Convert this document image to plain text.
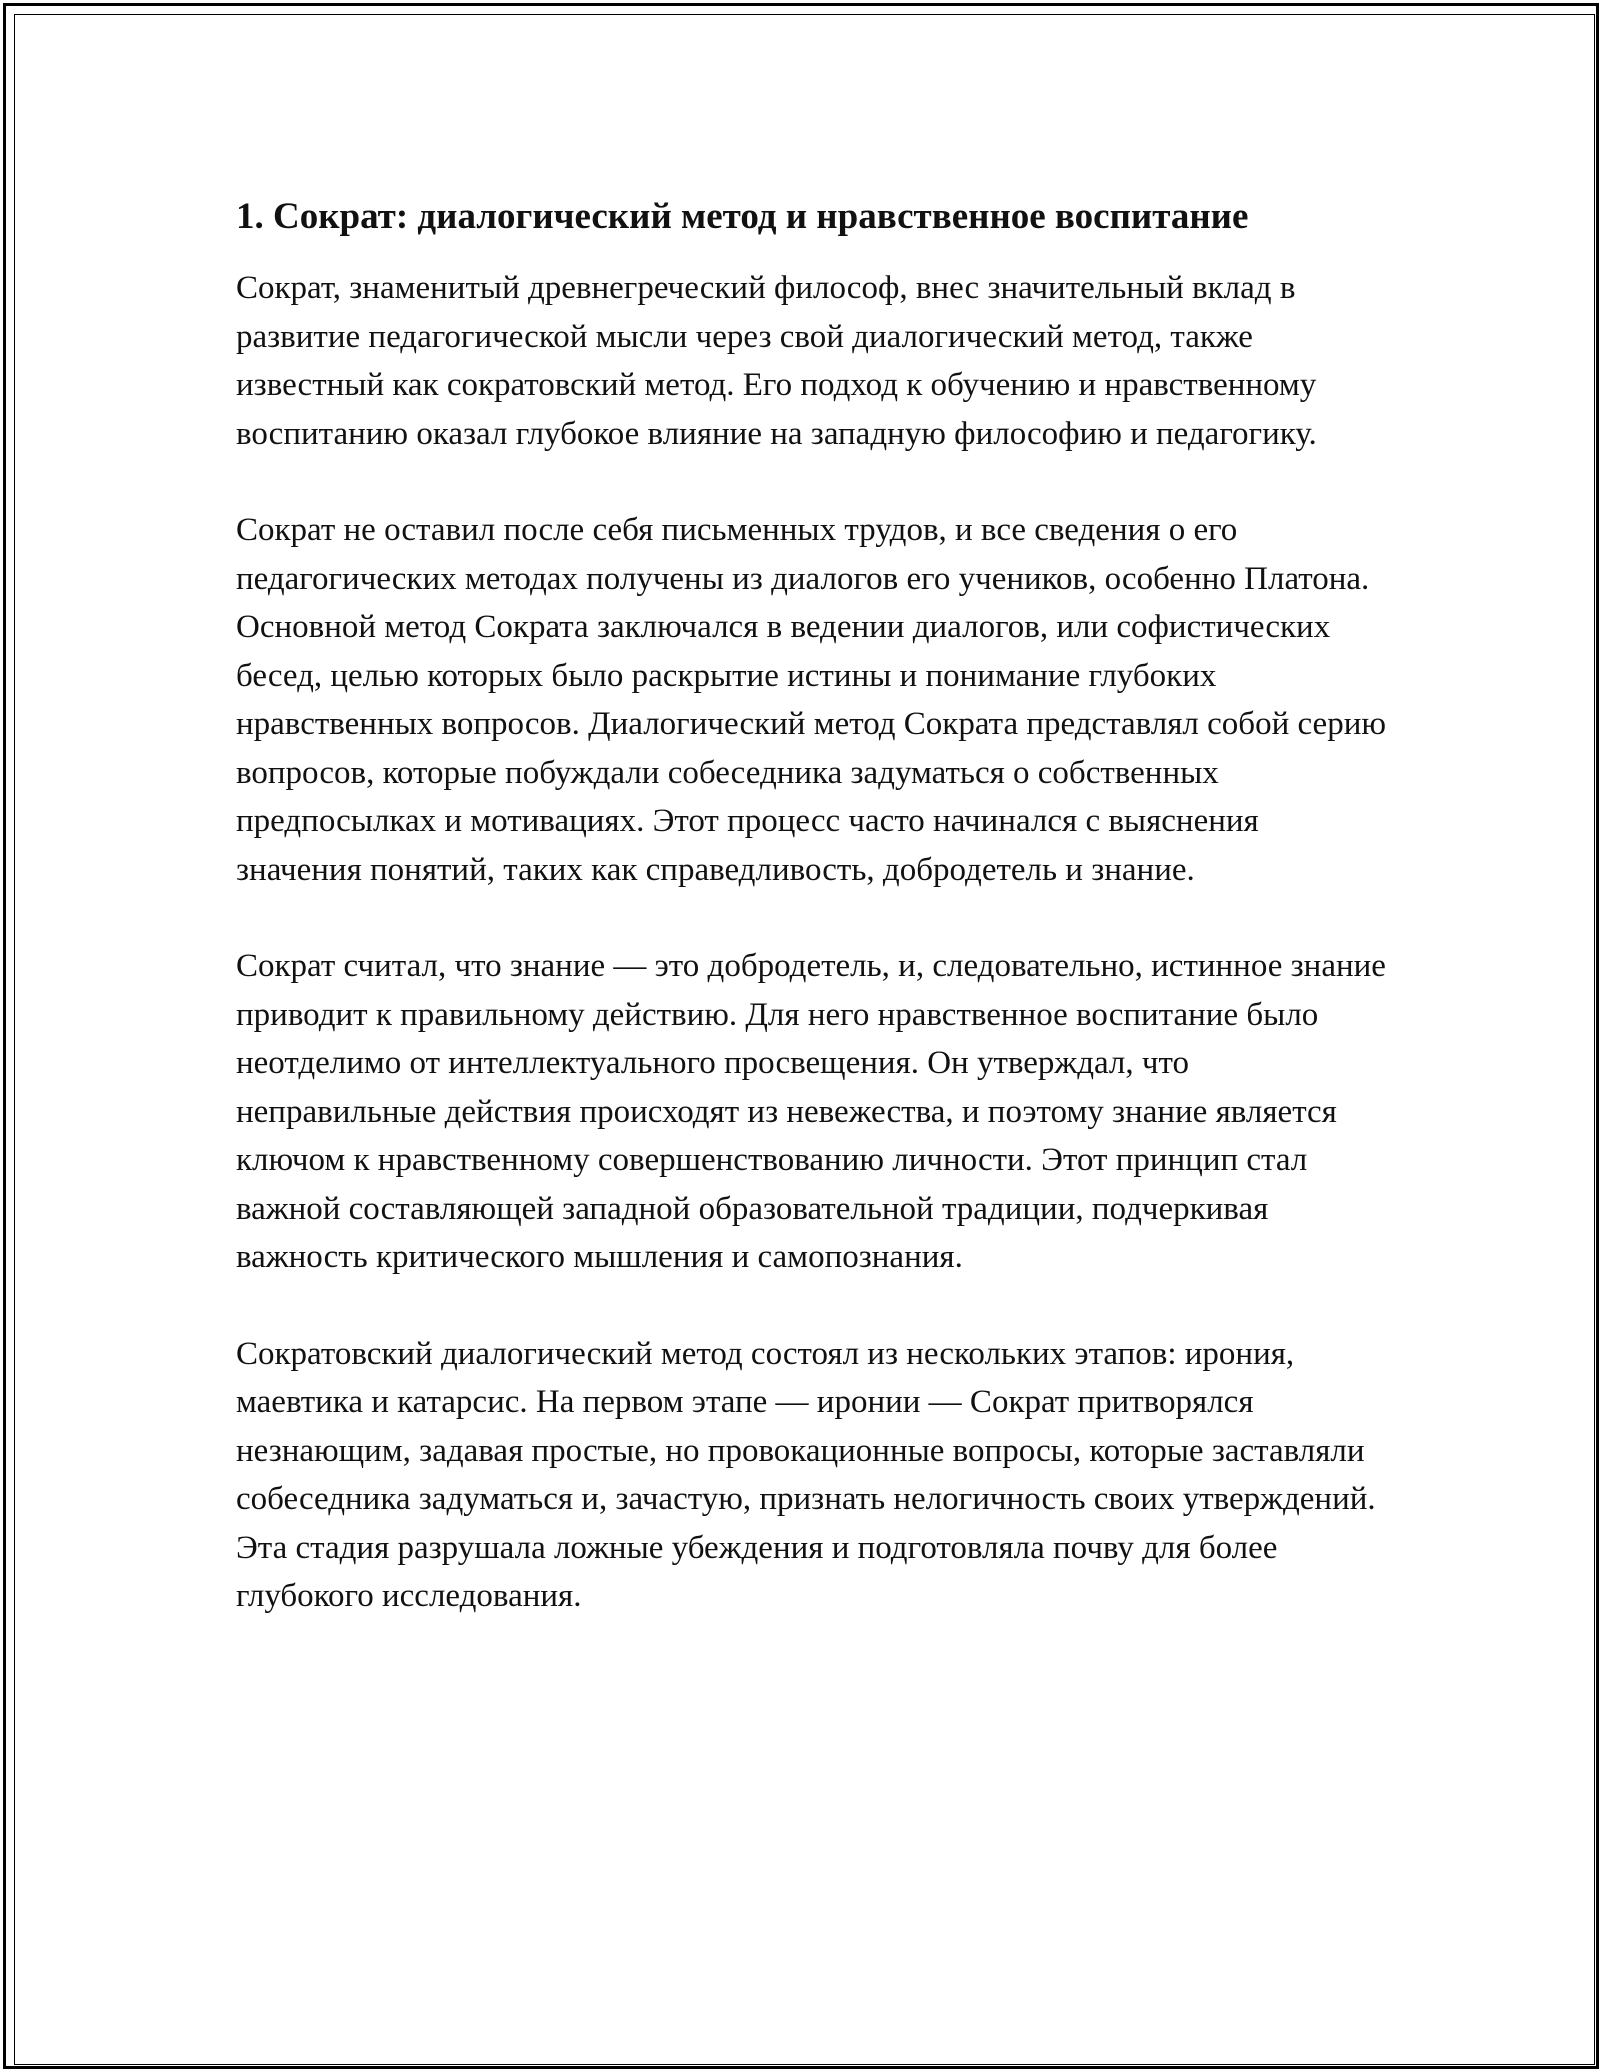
1. Сократ: диалогический метод и нравственное воспитание

Сократ, знаменитый древнегреческий философ, внес значительный вклад в развитие педагогической мысли через свой диалогический метод, также известный как сократовский метод. Его подход к обучению и нравственному воспитанию оказал глубокое влияние на западную философию и педагогику.

Сократ не оставил после себя письменных трудов, и все сведения о его педагогических методах получены из диалогов его учеников, особенно Платона. Основной метод Сократа заключался в ведении диалогов, или софистических бесед, целью которых было раскрытие истины и понимание глубоких нравственных вопросов. Диалогический метод Сократа представлял собой серию вопросов, которые побуждали собеседника задуматься о собственных предпосылках и мотивациях. Этот процесс часто начинался с выяснения значения понятий, таких как справедливость, добродетель и знание.

Сократ считал, что знание — это добродетель, и, следовательно, истинное знание приводит к правильному действию. Для него нравственное воспитание было неотделимо от интеллектуального просвещения. Он утверждал, что неправильные действия происходят из невежества, и поэтому знание является ключом к нравственному совершенствованию личности. Этот принцип стал важной составляющей западной образовательной традиции, подчеркивая важность критического мышления и самопознания.

Сократовский диалогический метод состоял из нескольких этапов: ирония, маевтика и катарсис. На первом этапе — иронии — Сократ притворялся незнающим, задавая простые, но провокационные вопросы, которые заставляли собеседника задуматься и, зачастую, признать нелогичность своих утверждений. Эта стадия разрушала ложные убеждения и подготовляла почву для более глубокого исследования.
